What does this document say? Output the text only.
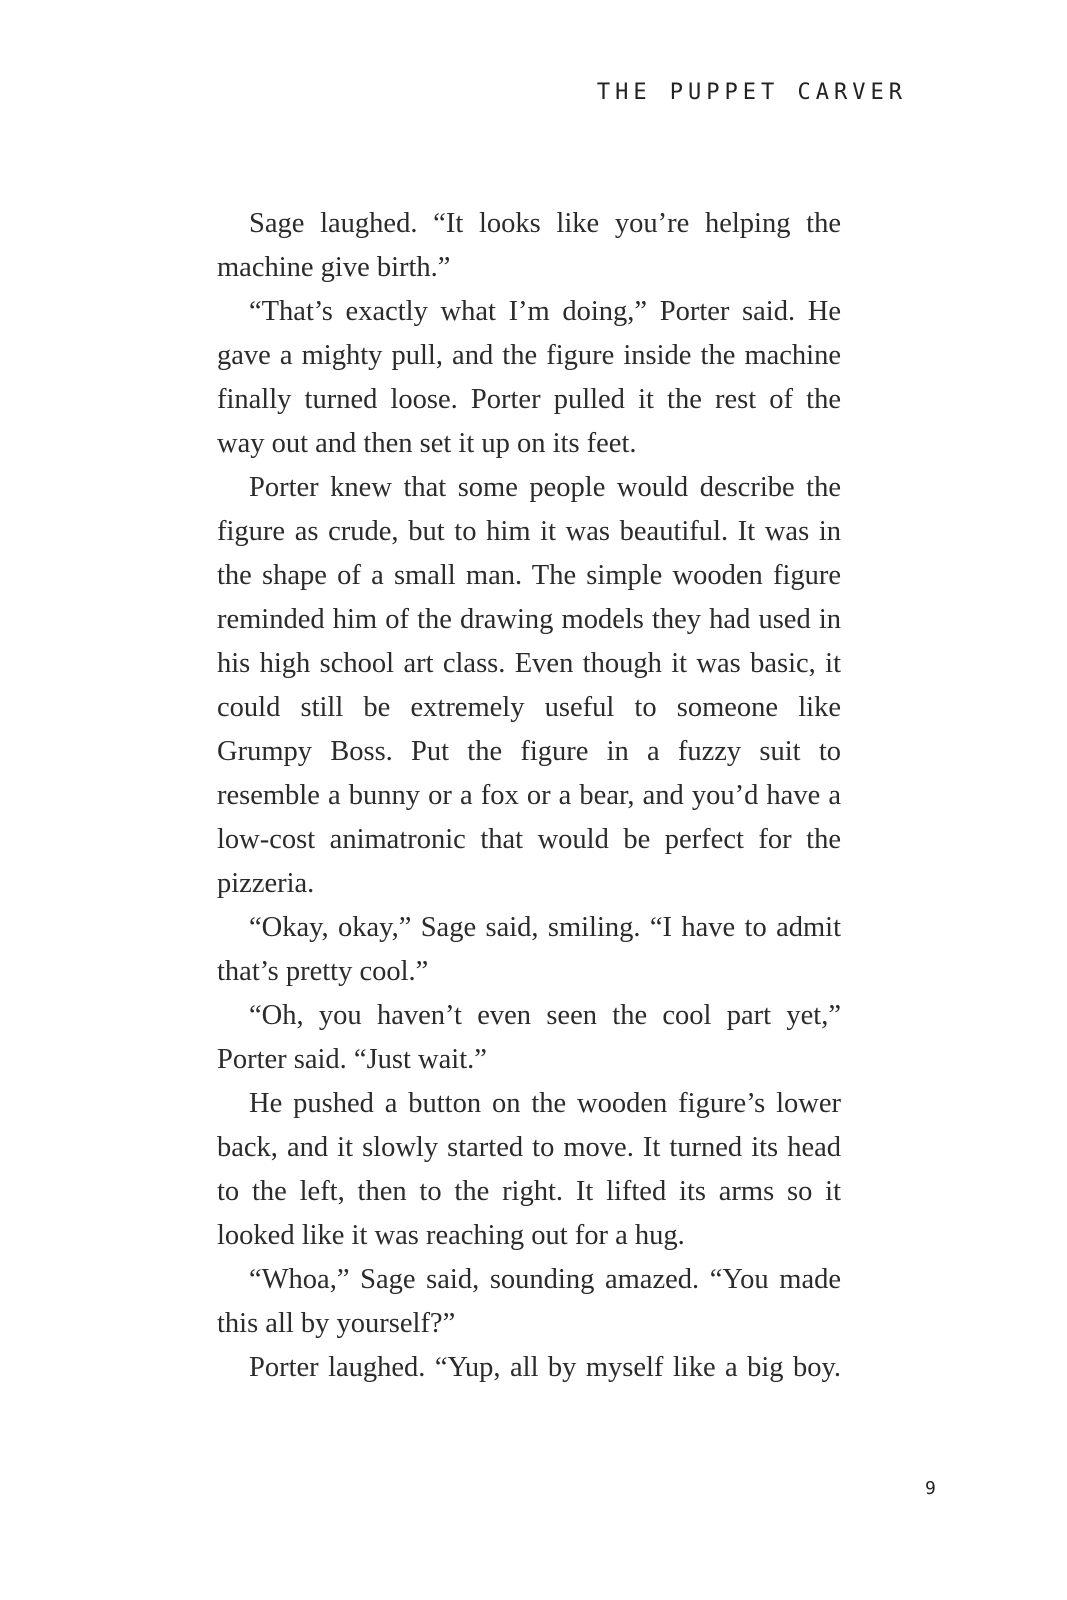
THE PUPPET CARVER

Sage laughed. “It looks like you’re helping the machine give birth.”

“That’s exactly what I’m doing,” Porter said. He gave a mighty pull, and the figure inside the machine finally turned loose. Porter pulled it the rest of the way out and then set it up on its feet.

Porter knew that some people would describe the figure as crude, but to him it was beautiful. It was in the shape of a small man. The simple wooden figure reminded him of the drawing models they had used in his high school art class. Even though it was basic, it could still be extremely useful to someone like Grumpy Boss. Put the figure in a fuzzy suit to resemble a bunny or a fox or a bear, and you’d have a low-cost animatronic that would be perfect for the pizzeria.

“Okay, okay,” Sage said, smiling. “I have to admit that’s pretty cool.”

“Oh, you haven’t even seen the cool part yet,” Porter said. “Just wait.”

He pushed a button on the wooden figure’s lower back, and it slowly started to move. It turned its head to the left, then to the right. It lifted its arms so it looked like it was reaching out for a hug.

“Whoa,” Sage said, sounding amazed. “You made this all by yourself?”

Porter laughed. “Yup, all by myself like a big boy.

9
